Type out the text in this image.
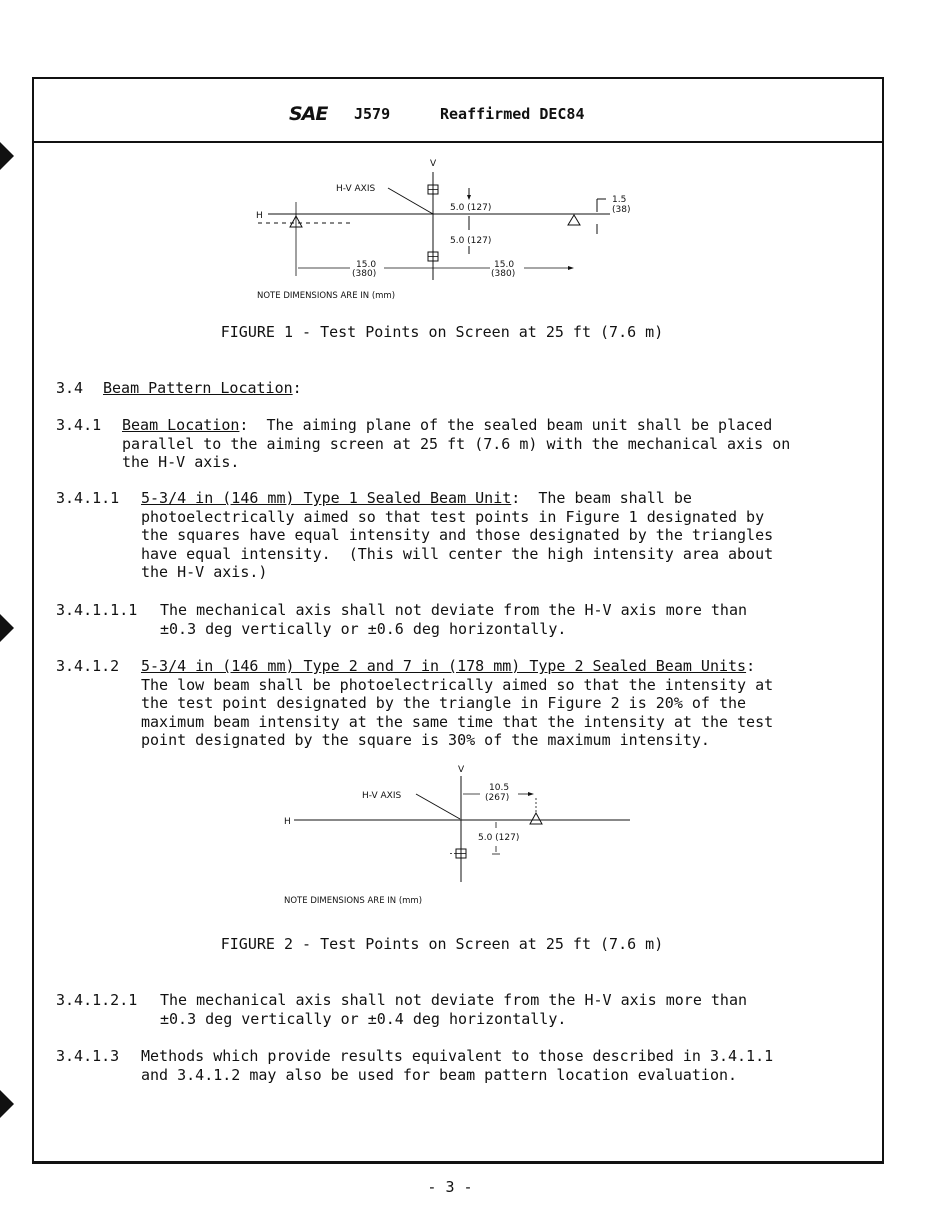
SAE J579	Reaffirmed DEC84
V
H
H-V AXIS
5.0 (127)
5.0 (127)
15.0
(380)
15.0
(380)
1.5
(38)
NOTE DIMENSIONS ARE IN (mm)
FIGURE 1 - Test Points on Screen at 25 ft (7.6 m)
3.4 Beam Pattern Location:
3.4.1 Beam Location:  The aiming plane of the sealed beam unit shall be placed
parallel to the aiming screen at 25 ft (7.6 m) with the mechanical axis on
the H-V axis.
3.4.1.1 5-3/4 in (146 mm) Type 1 Sealed Beam Unit:  The beam shall be
photoelectrically aimed so that test points in Figure 1 designated by
the squares have equal intensity and those designated by the triangles
have equal intensity.  (This will center the high intensity area about
the H-V axis.)
3.4.1.1.1 The mechanical axis shall not deviate from the H-V axis more than
±0.3 deg vertically or ±0.6 deg horizontally.
3.4.1.2 5-3/4 in (146 mm) Type 2 and 7 in (178 mm) Type 2 Sealed Beam Units:
The low beam shall be photoelectrically aimed so that the intensity at
the test point designated by the triangle in Figure 2 is 20% of the
maximum beam intensity at the same time that the intensity at the test
point designated by the square is 30% of the maximum intensity.
V
H
H-V AXIS
10.5
(267)
5.0 (127)
NOTE DIMENSIONS ARE IN (mm)
FIGURE 2 - Test Points on Screen at 25 ft (7.6 m)
3.4.1.2.1 The mechanical axis shall not deviate from the H-V axis more than
±0.3 deg vertically or ±0.4 deg horizontally.
3.4.1.3 Methods which provide results equivalent to those described in 3.4.1.1
and 3.4.1.2 may also be used for beam pattern location evaluation.
- 3 -
